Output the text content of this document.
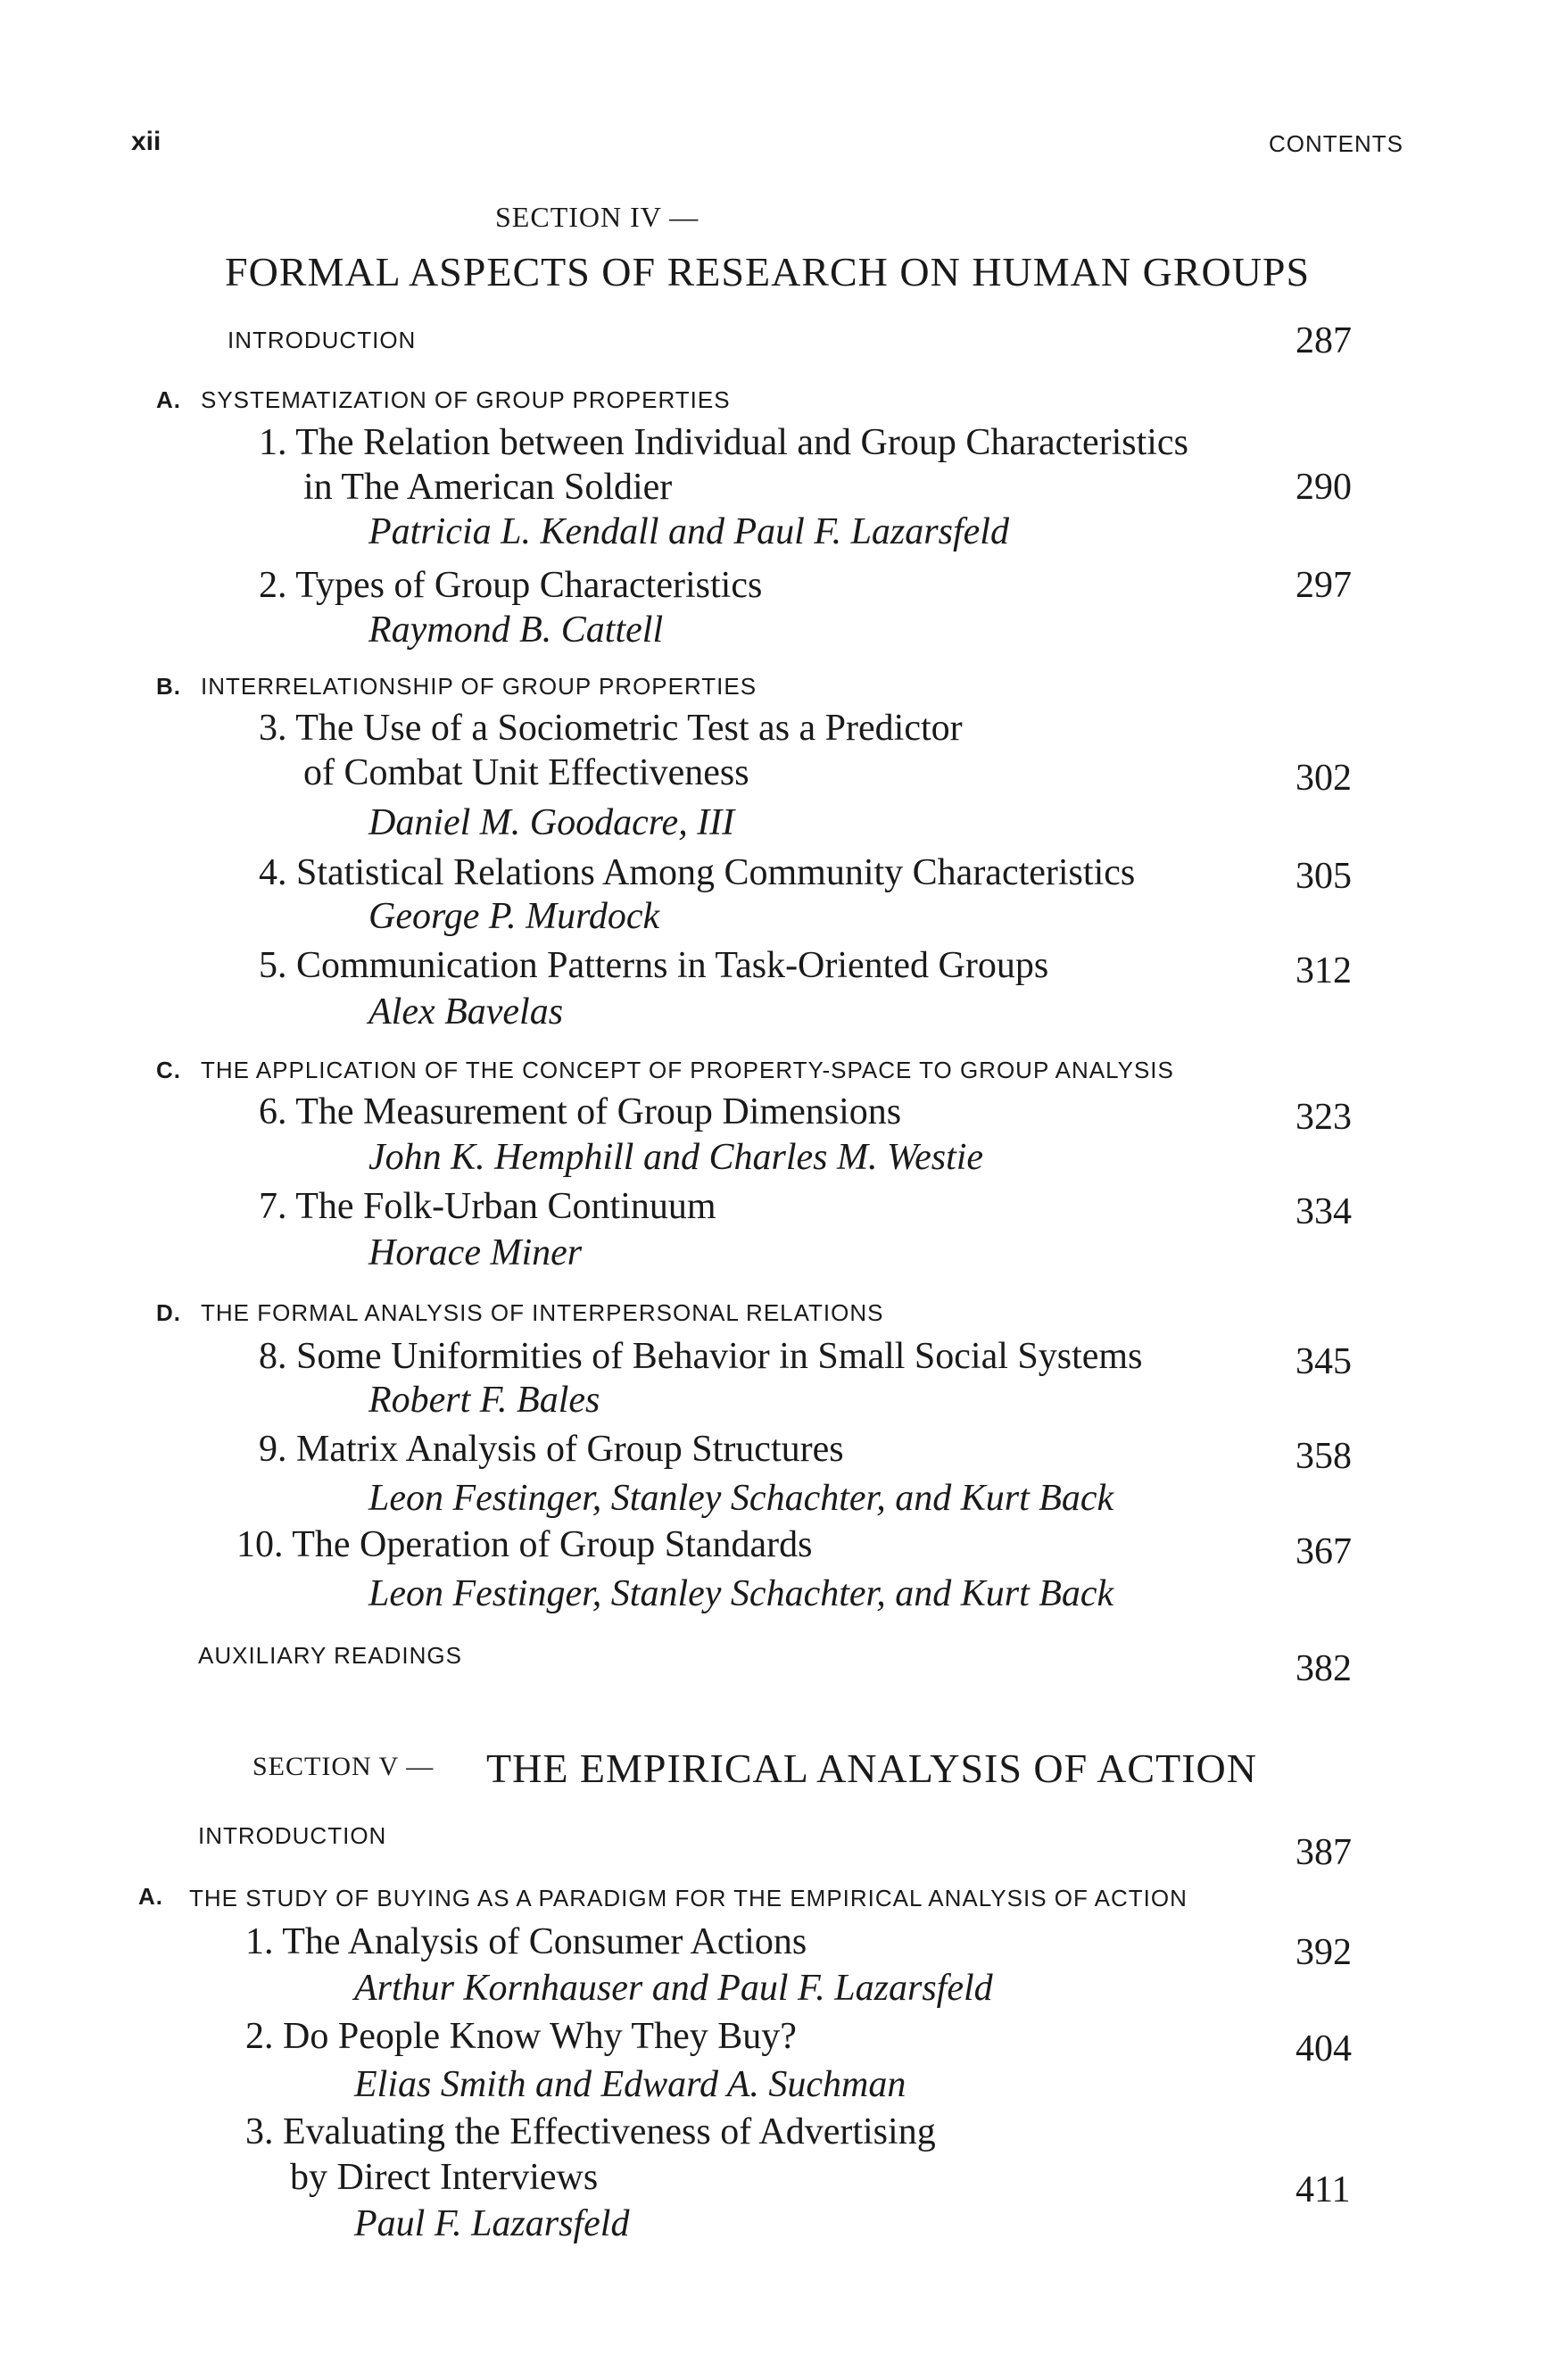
xii	CONTENTS
SECTION IV —
FORMAL ASPECTS OF RESEARCH ON HUMAN GROUPS
INTRODUCTION	287
A. SYSTEMATIZATION OF GROUP PROPERTIES
1. The Relation between Individual and Group Characteristics
in The American Soldier	290
Patricia L. Kendall and Paul F. Lazarsfeld
2. Types of Group Characteristics	297
Raymond B. Cattell
B. INTERRELATIONSHIP OF GROUP PROPERTIES
3. The Use of a Sociometric Test as a Predictor
of Combat Unit Effectiveness	302
Daniel M. Goodacre, III
4. Statistical Relations Among Community Characteristics	305
George P. Murdock
5. Communication Patterns in Task-Oriented Groups	312
Alex Bavelas
C. THE APPLICATION OF THE CONCEPT OF PROPERTY-SPACE TO GROUP ANALYSIS
6. The Measurement of Group Dimensions	323
John K. Hemphill and Charles M. Westie
7. The Folk-Urban Continuum	334
Horace Miner
D. THE FORMAL ANALYSIS OF INTERPERSONAL RELATIONS
8. Some Uniformities of Behavior in Small Social Systems	345
Robert F. Bales
9. Matrix Analysis of Group Structures	358
Leon Festinger, Stanley Schachter, and Kurt Back
10. The Operation of Group Standards	367
Leon Festinger, Stanley Schachter, and Kurt Back
AUXILIARY READINGS	382
SECTION V — THE EMPIRICAL ANALYSIS OF ACTION
INTRODUCTION	387
A. THE STUDY OF BUYING AS A PARADIGM FOR THE EMPIRICAL ANALYSIS OF ACTION
1. The Analysis of Consumer Actions	392
Arthur Kornhauser and Paul F. Lazarsfeld
2. Do People Know Why They Buy?	404
Elias Smith and Edward A. Suchman
3. Evaluating the Effectiveness of Advertising
by Direct Interviews	411
Paul F. Lazarsfeld
